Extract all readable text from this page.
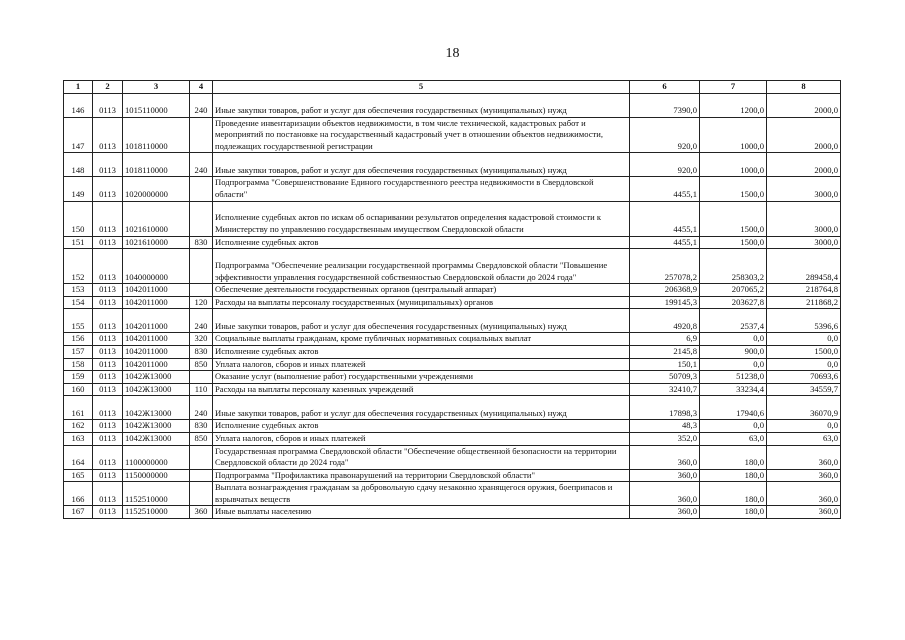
18
1	2	3	4	5	6	7	8
146	0113	1015110000	240	Иные закупки товаров, работ и услуг для обеспечения государственных (муниципальных) нужд	7390,0	1200,0	2000,0
147	0113	1018110000		Проведение инвентаризации объектов недвижимости, в том числе технической, кадастровых работ и мероприятий по постановке на государственный кадастровый учет в отношении объектов недвижимости, подлежащих государственной регистрации	920,0	1000,0	2000,0
148	0113	1018110000	240	Иные закупки товаров, работ и услуг для обеспечения государственных (муниципальных) нужд	920,0	1000,0	2000,0
149	0113	1020000000		Подпрограмма "Совершенствование Единого государственного реестра недвижимости в Свердловской области"	4455,1	1500,0	3000,0
150	0113	1021610000		Исполнение судебных актов по искам об оспаривании результатов определения кадастровой стоимости к Министерству по управлению государственным имуществом Свердловской области	4455,1	1500,0	3000,0
151	0113	1021610000	830	Исполнение судебных актов	4455,1	1500,0	3000,0
152	0113	1040000000		Подпрограмма "Обеспечение реализации государственной программы Свердловской области "Повышение эффективности управления государственной собственностью Свердловской области до 2024 года"	257078,2	258303,2	289458,4
153	0113	1042011000		Обеспечение деятельности государственных органов (центральный аппарат)	206368,9	207065,2	218764,8
154	0113	1042011000	120	Расходы на выплаты персоналу государственных (муниципальных) органов	199145,3	203627,8	211868,2
155	0113	1042011000	240	Иные закупки товаров, работ и услуг для обеспечения государственных (муниципальных) нужд	4920,8	2537,4	5396,6
156	0113	1042011000	320	Социальные выплаты гражданам, кроме публичных нормативных социальных выплат	6,9	0,0	0,0
157	0113	1042011000	830	Исполнение судебных актов	2145,8	900,0	1500,0
158	0113	1042011000	850	Уплата налогов, сборов и иных платежей	150,1	0,0	0,0
159	0113	1042Ж13000		Оказание услуг (выполнение работ) государственными учреждениями	50709,3	51238,0	70693,6
160	0113	1042Ж13000	110	Расходы на выплаты персоналу казенных учреждений	32410,7	33234,4	34559,7
161	0113	1042Ж13000	240	Иные закупки товаров, работ и услуг для обеспечения государственных (муниципальных) нужд	17898,3	17940,6	36070,9
162	0113	1042Ж13000	830	Исполнение судебных актов	48,3	0,0	0,0
163	0113	1042Ж13000	850	Уплата налогов, сборов и иных платежей	352,0	63,0	63,0
164	0113	1100000000		Государственная программа Свердловской области "Обеспечение общественной безопасности на территории Свердловской области до 2024 года"	360,0	180,0	360,0
165	0113	1150000000		Подпрограмма "Профилактика правонарушений на территории Свердловской области"	360,0	180,0	360,0
166	0113	1152510000		Выплата вознаграждения гражданам за добровольную сдачу незаконно хранящегося оружия, боеприпасов и взрывчатых веществ	360,0	180,0	360,0
167	0113	1152510000	360	Иные выплаты населению	360,0	180,0	360,0
